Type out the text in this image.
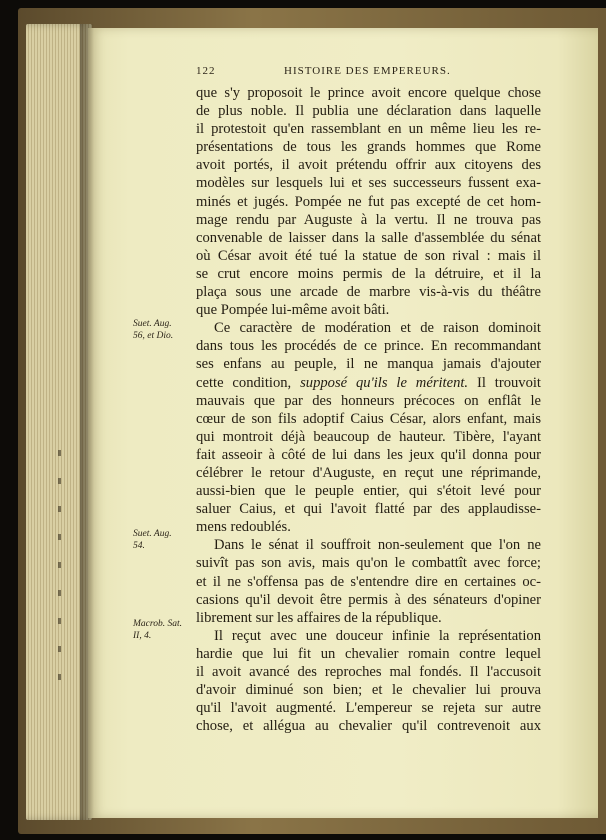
122	HISTOIRE DES EMPEREURS.
que s'y proposoit le prince avoit encore quelque chose
de plus noble. Il publia une déclaration dans laquelle
il protestoit qu'en rassemblant en un même lieu les re-
présentations de tous les grands hommes que Rome
avoit portés, il avoit prétendu offrir aux citoyens des
modèles sur lesquels lui et ses successeurs fussent exa-
minés et jugés. Pompée ne fut pas excepté de cet hom-
mage rendu par Auguste à la vertu. Il ne trouva pas
convenable de laisser dans la salle d'assemblée du sénat
où César avoit été tué la statue de son rival : mais il
se crut encore moins permis de la détruire, et il la
plaça sous une arcade de marbre vis-à-vis du théâtre
que Pompée lui-même avoit bâti.
Ce caractère de modération et de raison dominoit
dans tous les procédés de ce prince. En recommandant
ses enfans au peuple, il ne manqua jamais d'ajouter
cette condition, supposé qu'ils le méritent. Il trouvoit
mauvais que par des honneurs précoces on enflât le
cœur de son fils adoptif Caius César, alors enfant, mais
qui montroit déjà beaucoup de hauteur. Tibère, l'ayant
fait asseoir à côté de lui dans les jeux qu'il donna pour
célébrer le retour d'Auguste, en reçut une réprimande,
aussi-bien que le peuple entier, qui s'étoit levé pour
saluer Caius, et qui l'avoit flatté par des applaudisse-
mens redoublés.
Dans le sénat il souffroit non-seulement que l'on ne
suivît pas son avis, mais qu'on le combattît avec force;
et il ne s'offensa pas de s'entendre dire en certaines oc-
casions qu'il devoit être permis à des sénateurs d'opiner
librement sur les affaires de la république.
Il reçut avec une douceur infinie la représentation
hardie que lui fit un chevalier romain contre lequel
il avoit avancé des reproches mal fondés. Il l'accusoit
d'avoir diminué son bien; et le chevalier lui prouva
qu'il l'avoit augmenté. L'empereur se rejeta sur autre
chose, et allégua au chevalier qu'il contrevenoit aux
Suet. Aug.
56, et Dio.
Suet. Aug.
54.
Macrob. Sat.
II, 4.
